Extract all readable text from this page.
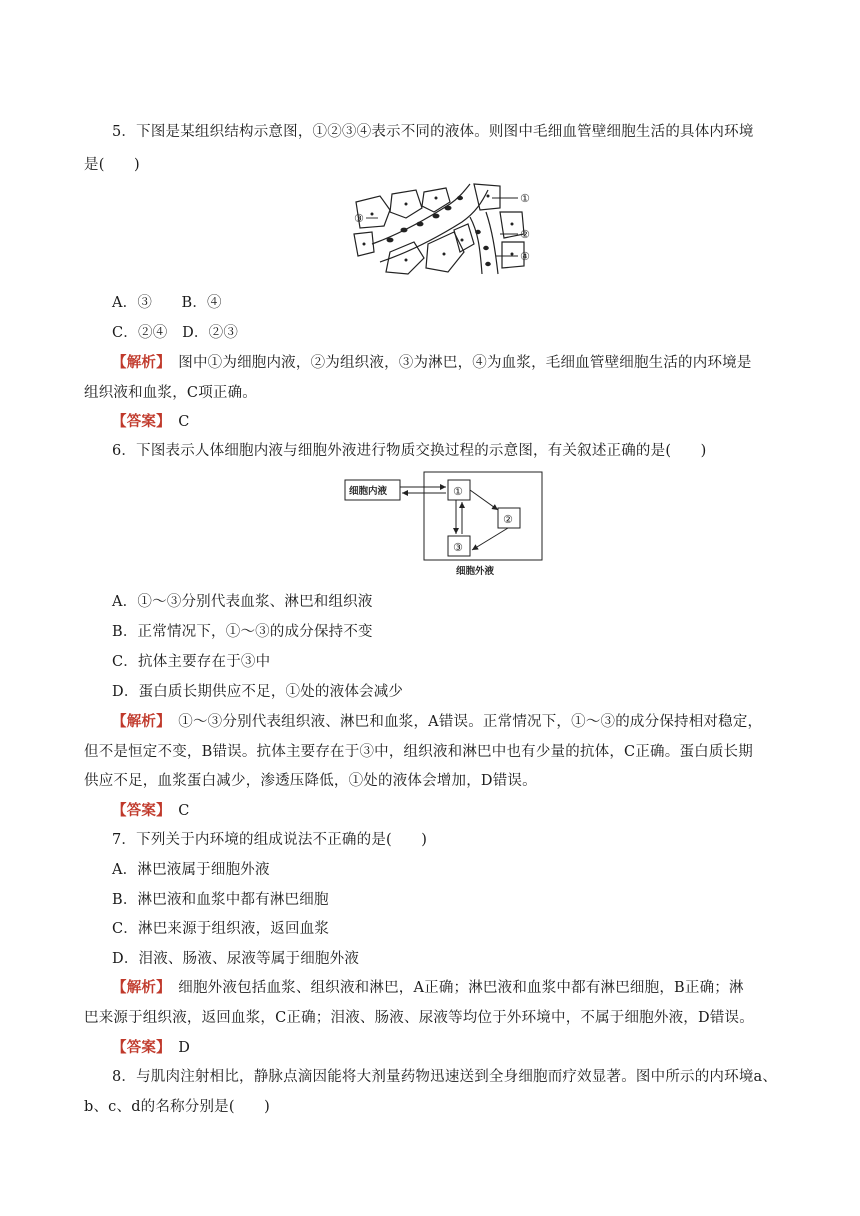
5．下图是某组织结构示意图，①②③④表示不同的液体。则图中毛细血管壁细胞生活的具体内环境
是(　　)
①
②
④
③
A．③　　B．④
C．②④　D．②③
【解析】　 图中①为细胞内液，②为组织液，③为淋巴，④为血浆，毛细血管壁细胞生活的内环境是
组织液和血浆，C项正确。
【答案】　 C
6．下图表示人体细胞内液与细胞外液进行物质交换过程的示意图，有关叙述正确的是(　　)
细胞内液	①
②
③
细胞外液
A．①～③分别代表血浆、淋巴和组织液
B．正常情况下，①～③的成分保持不变
C．抗体主要存在于③中
D．蛋白质长期供应不足，①处的液体会减少
【解析】　 ①～③分别代表组织液、淋巴和血浆，A错误。正常情况下，①～③的成分保持相对稳定，
但不是恒定不变，B错误。抗体主要存在于③中，组织液和淋巴中也有少量的抗体，C正确。蛋白质长期
供应不足，血浆蛋白减少，渗透压降低，①处的液体会增加，D错误。
【答案】　 C
7．下列关于内环境的组成说法不正确的是(　　)
A．淋巴液属于细胞外液
B．淋巴液和血浆中都有淋巴细胞
C．淋巴来源于组织液，返回血浆
D．泪液、肠液、尿液等属于细胞外液
【解析】　 细胞外液包括血浆、组织液和淋巴，A正确；淋巴液和血浆中都有淋巴细胞，B正确；淋
巴来源于组织液，返回血浆，C正确；泪液、肠液、尿液等均位于外环境中，不属于细胞外液，D错误。
【答案】　 D
8．与肌肉注射相比，静脉点滴因能将大剂量药物迅速送到全身细胞而疗效显著。图中所示的内环境a、
b、c、d的名称分别是(　　)
